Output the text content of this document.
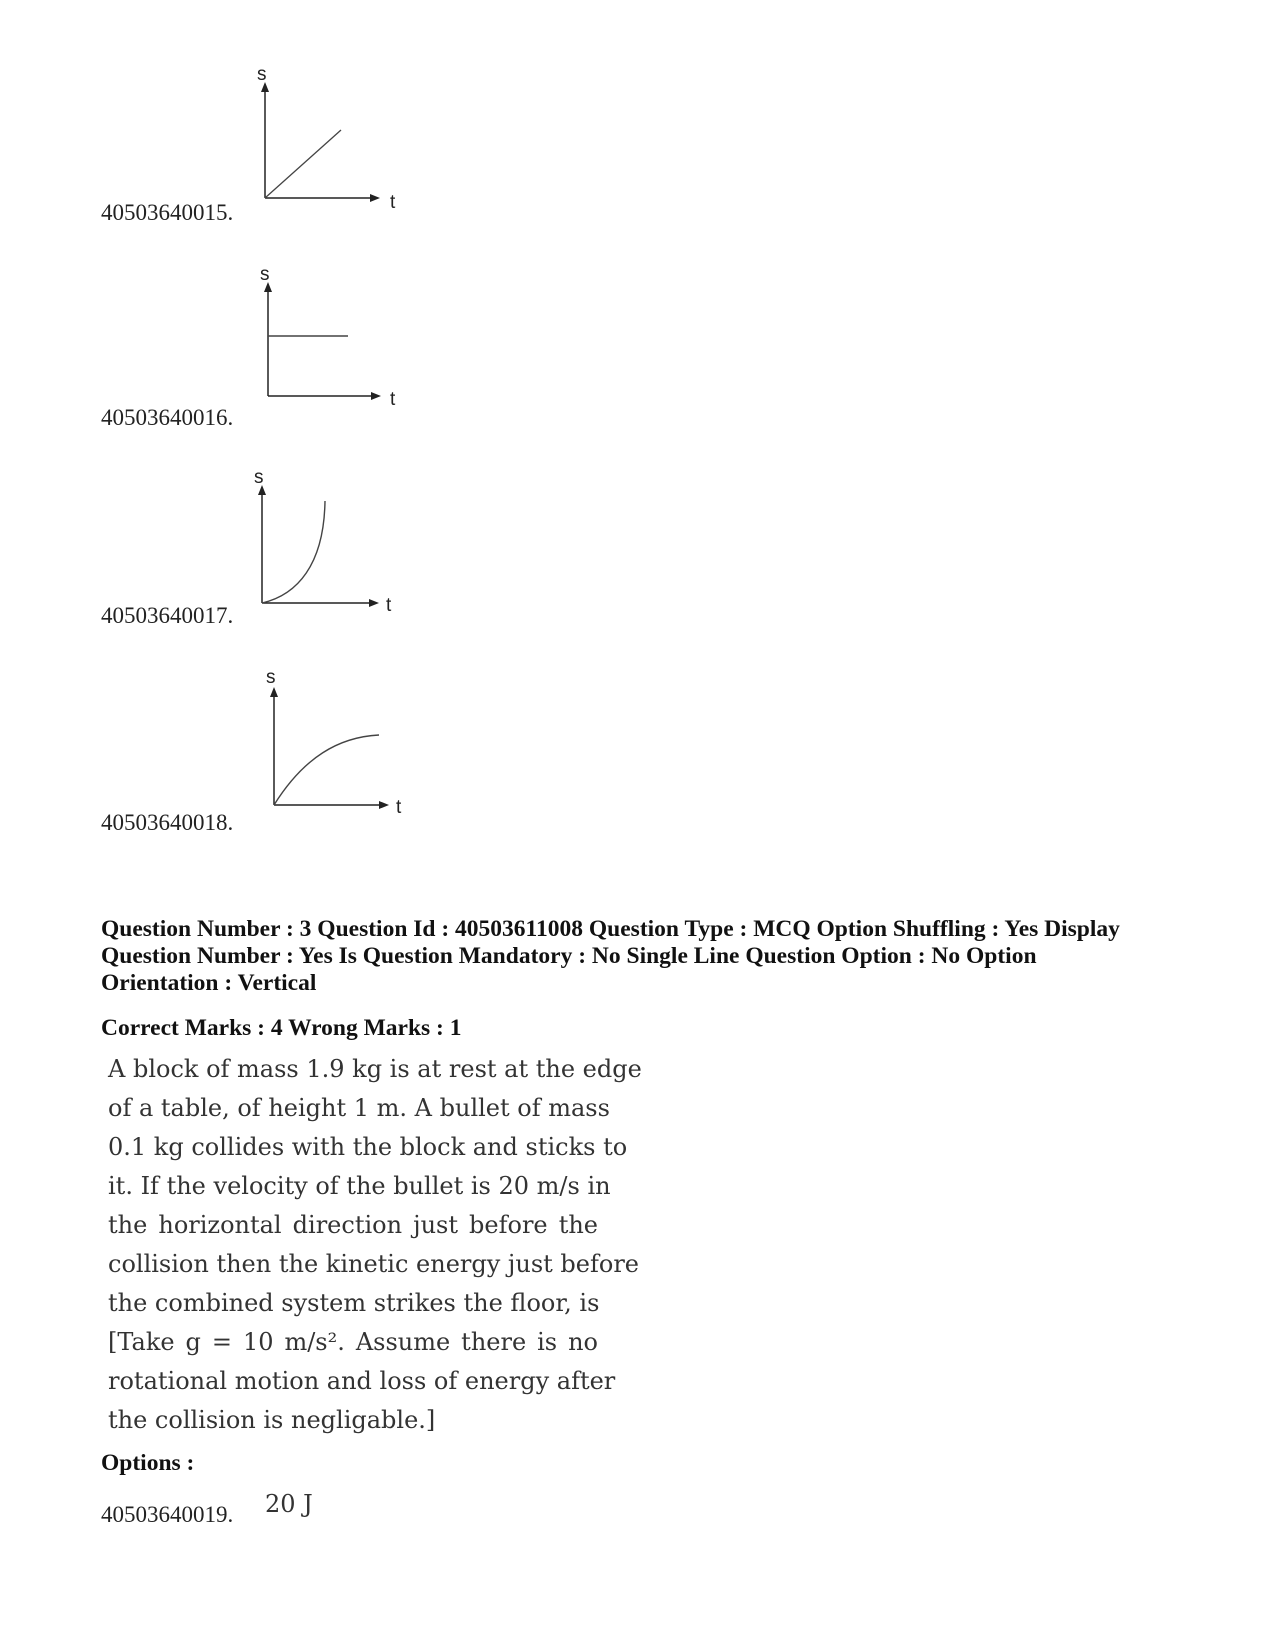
s
t
40503640015.
s
t
40503640016.
s
t
40503640017.
s
t
40503640018.
Question Number : 3 Question Id : 40503611008 Question Type : MCQ Option Shuffling : Yes Display
Question Number : Yes Is Question Mandatory : No Single Line Question Option : No Option
Orientation : Vertical
Correct Marks : 4 Wrong Marks : 1
A block of mass 1.9 kg is at rest at the edge
of a table, of height 1 m. A bullet of mass
0.1 kg collides with the block and sticks to
it. If the velocity of the bullet is 20 m/s in
the horizontal direction just before the
collision then the kinetic energy just before
the combined system strikes the floor, is
[Take g = 10 m/s². Assume there is no
rotational motion and loss of energy after
the collision is negligable.]
Options :
40503640019. 20 J
